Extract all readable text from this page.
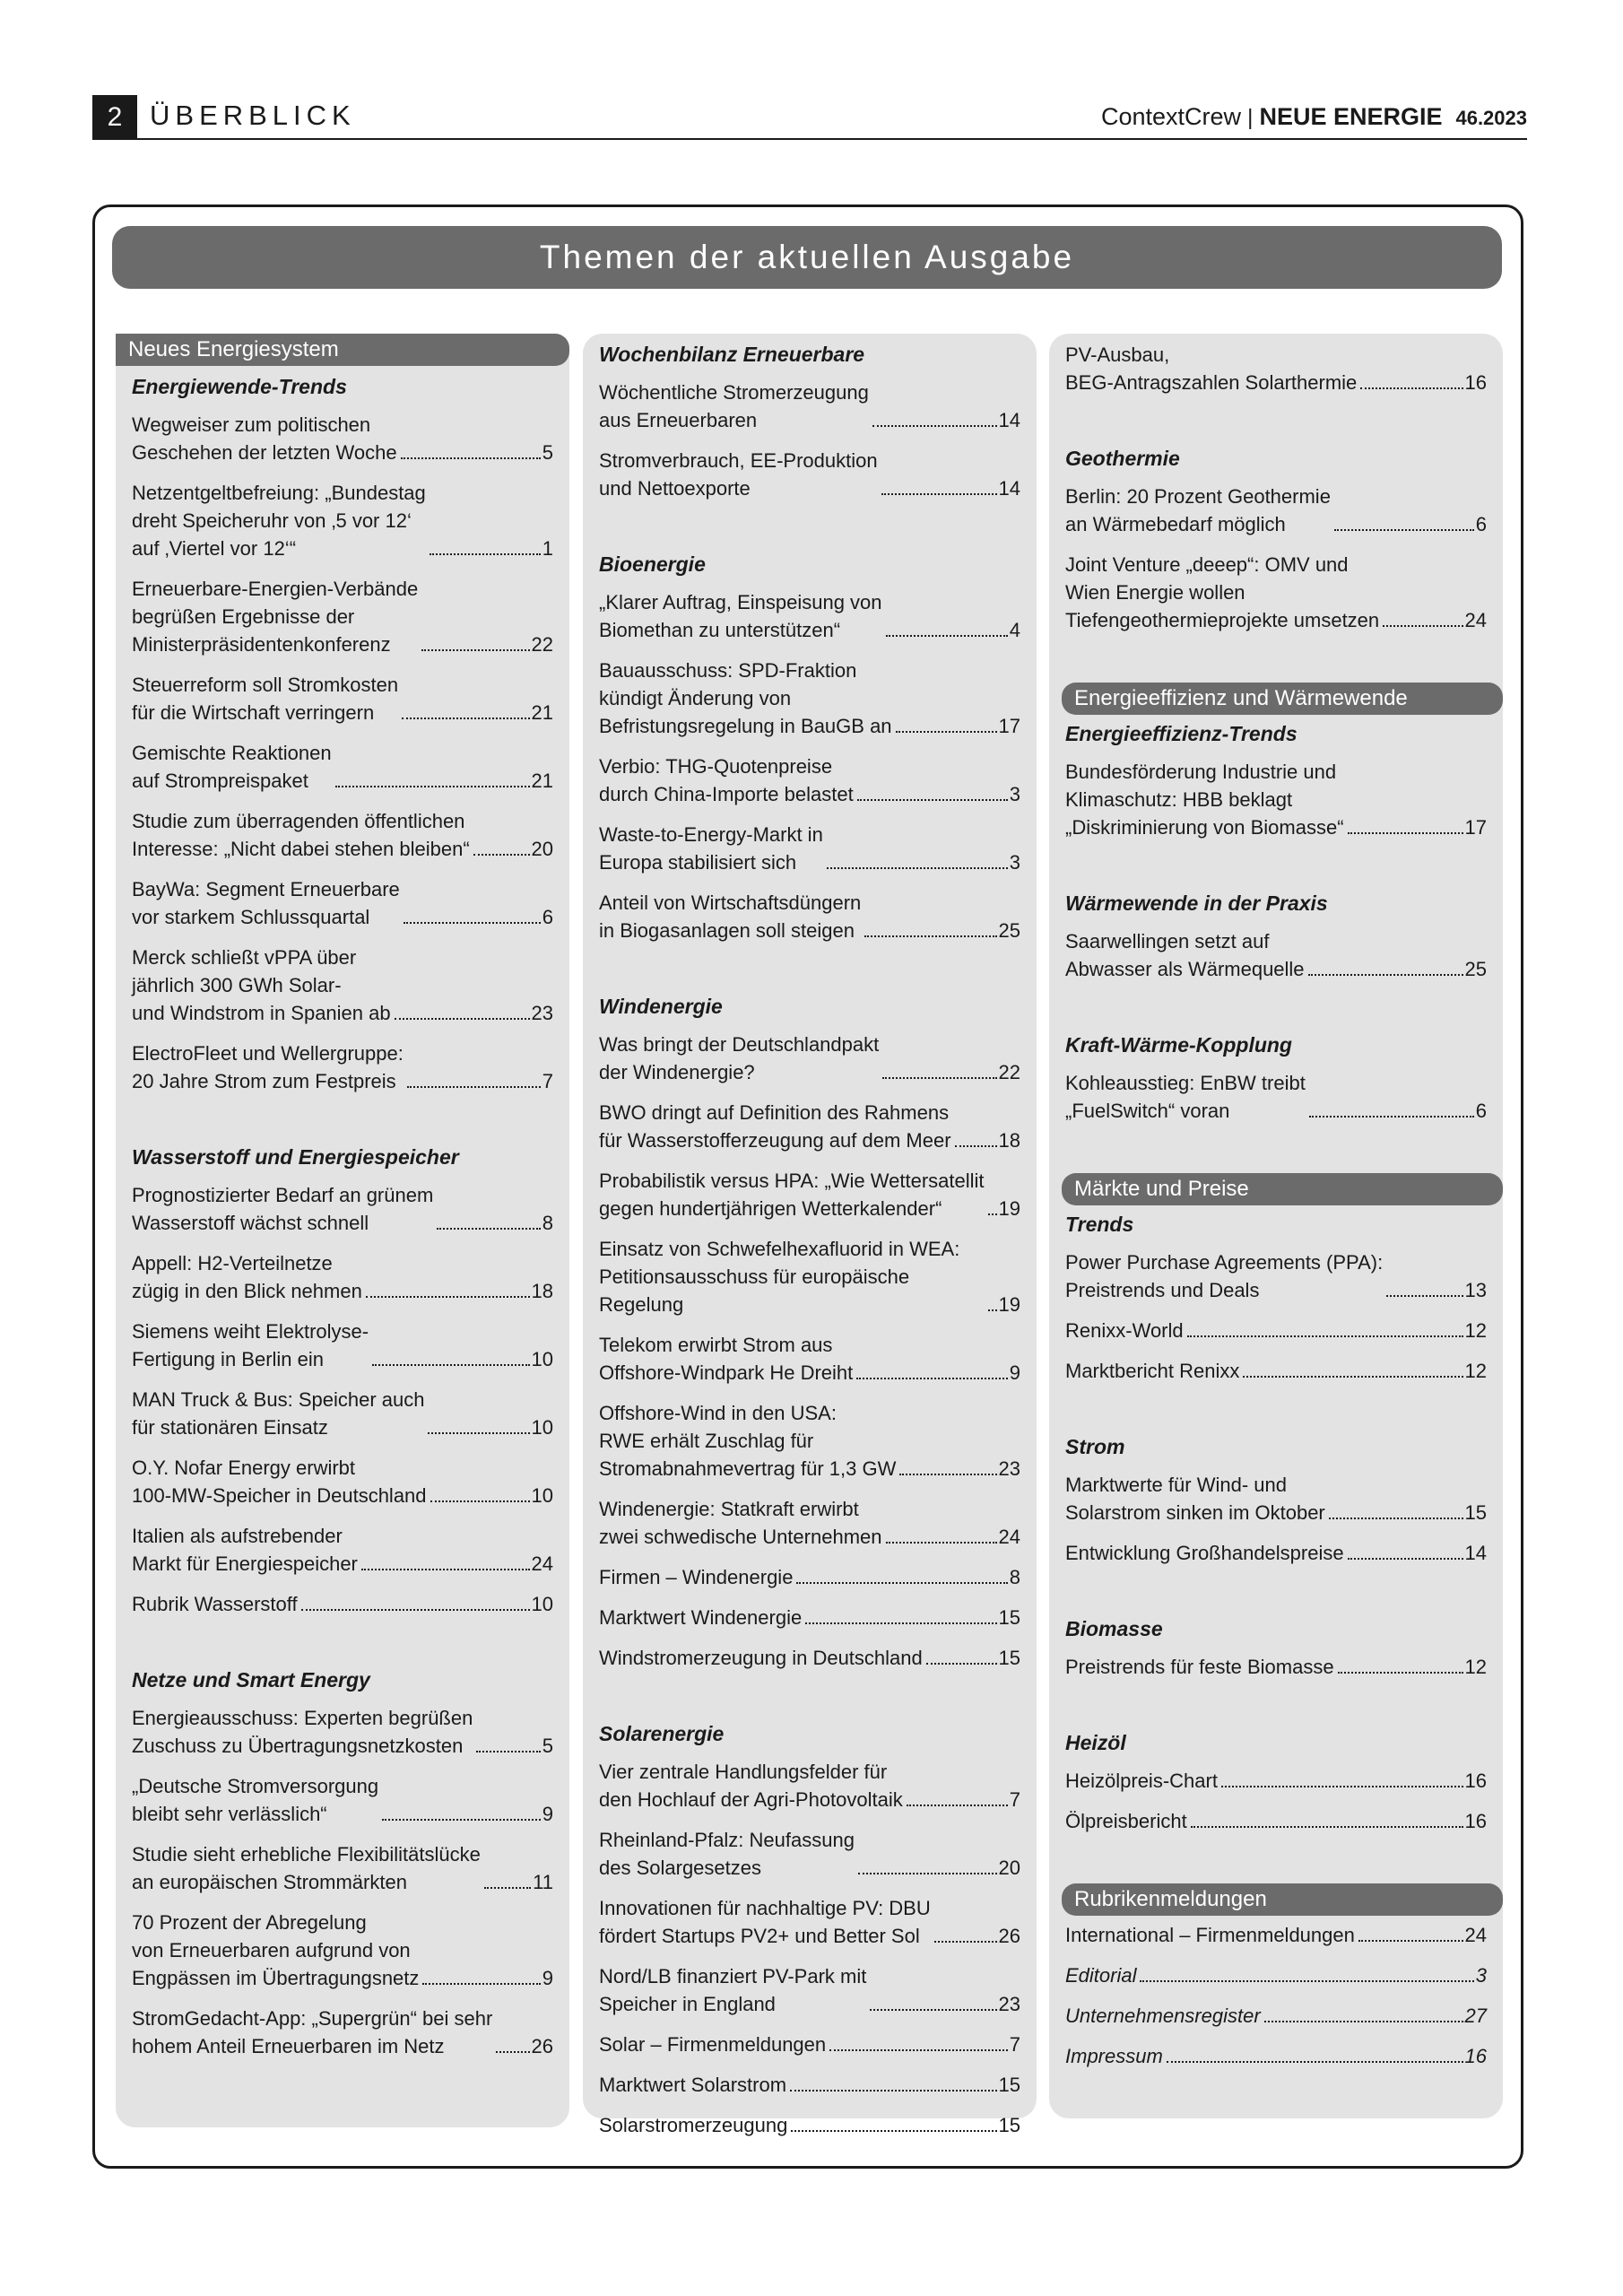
2 ÜBERBLICK	ContextCrew | NEUE ENERGIE 46.2023
Themen der aktuellen Ausgabe
Neues Energiesystem
Energiewende-Trends
Wegweiser zum politischen
Geschehen der letzten Woche	5
Netzentgeltbefreiung: „Bundestag
dreht Speicheruhr von ‚5 vor 12‘
auf ‚Viertel vor 12‘“	1
Erneuerbare-Energien-Verbände
begrüßen Ergebnisse der
Ministerpräsidentenkonferenz	22
Steuerreform soll Stromkosten
für die Wirtschaft verringern	21
Gemischte Reaktionen
auf Strompreispaket	21
Studie zum überragenden öffentlichen
Interesse: „Nicht dabei stehen bleiben“	20
BayWa: Segment Erneuerbare
vor starkem Schlussquartal	6
Merck schließt vPPA über
jährlich 300 GWh Solar-
und Windstrom in Spanien ab	23
ElectroFleet und Wellergruppe:
20 Jahre Strom zum Festpreis	7
Wasserstoff und Energiespeicher
Prognostizierter Bedarf an grünem
Wasserstoff wächst schnell	8
Appell: H2-Verteilnetze
zügig in den Blick nehmen	18
Siemens weiht Elektrolyse-
Fertigung in Berlin ein	10
MAN Truck & Bus: Speicher auch
für stationären Einsatz	10
O.Y. Nofar Energy erwirbt
100-MW-Speicher in Deutschland	10
Italien als aufstrebender
Markt für Energiespeicher	24
Rubrik Wasserstoff	10
Netze und Smart Energy
Energieausschuss: Experten begrüßen
Zuschuss zu Übertragungsnetzkosten	5
„Deutsche Stromversorgung
bleibt sehr verlässlich“	9
Studie sieht erhebliche Flexibilitätslücke
an europäischen Strommärkten	11
70 Prozent der Abregelung
von Erneuerbaren aufgrund von
Engpässen im Übertragungsnetz	9
StromGedacht-App: „Supergrün“ bei sehr
hohem Anteil Erneuerbaren im Netz	26
Wochenbilanz Erneuerbare
Wöchentliche Stromerzeugung
aus Erneuerbaren	14
Stromverbrauch, EE-Produktion
und Nettoexporte	14
Bioenergie
„Klarer Auftrag, Einspeisung von
Biomethan zu unterstützen“	4
Bauausschuss: SPD-Fraktion
kündigt Änderung von
Befristungsregelung in BauGB an	17
Verbio: THG-Quotenpreise
durch China-Importe belastet	3
Waste-to-Energy-Markt in
Europa stabilisiert sich	3
Anteil von Wirtschaftsdüngern
in Biogasanlagen soll steigen	25
Windenergie
Was bringt der Deutschlandpakt
der Windenergie?	22
BWO dringt auf Definition des Rahmens
für Wasserstofferzeugung auf dem Meer 18
Probabilistik versus HPA: „Wie Wettersatellit
gegen hundertjährigen Wetterkalender“	19
Einsatz von Schwefelhexafluorid in WEA:
Petitionsausschuss für europäische Regelung	19
Telekom erwirbt Strom aus
Offshore-Windpark He Dreiht	9
Offshore-Wind in den USA:
RWE erhält Zuschlag für
Stromabnahmevertrag für 1,3 GW	23
Windenergie: Statkraft erwirbt
zwei schwedische Unternehmen	24
Firmen – Windenergie	8
Marktwert Windenergie	15
Windstromerzeugung in Deutschland	15
Solarenergie
Vier zentrale Handlungsfelder für
den Hochlauf der Agri-Photovoltaik	7
Rheinland-Pfalz: Neufassung
des Solargesetzes	20
Innovationen für nachhaltige PV: DBU
fördert Startups PV2+ und Better Sol	26
Nord/LB finanziert PV-Park mit
Speicher in England	23
Solar – Firmenmeldungen	7
Marktwert Solarstrom	15
Solarstromerzeugung	15
PV-Ausbau,
BEG-Antragszahlen Solarthermie	16
Geothermie
Berlin: 20 Prozent Geothermie
an Wärmebedarf möglich	6
Joint Venture „deeep“: OMV und
Wien Energie wollen
Tiefengeothermieprojekte umsetzen	24
Energieeffizienz und Wärmewende
Energieeffizienz-Trends
Bundesförderung Industrie und
Klimaschutz: HBB beklagt
„Diskriminierung von Biomasse“	17
Wärmewende in der Praxis
Saarwellingen setzt auf
Abwasser als Wärmequelle	25
Kraft-Wärme-Kopplung
Kohleausstieg: EnBW treibt
„FuelSwitch“ voran	6
Märkte und Preise
Trends
Power Purchase Agreements (PPA):
Preistrends und Deals	13
Renixx-World	12
Marktbericht Renixx	12
Strom
Marktwerte für Wind- und
Solarstrom sinken im Oktober	15
Entwicklung Großhandelspreise	14
Biomasse
Preistrends für feste Biomasse	12
Heizöl
Heizölpreis-Chart	16
Ölpreisbericht	16
Rubrikenmeldungen
International – Firmenmeldungen	24
Editorial	3
Unternehmensregister	27
Impressum	16
